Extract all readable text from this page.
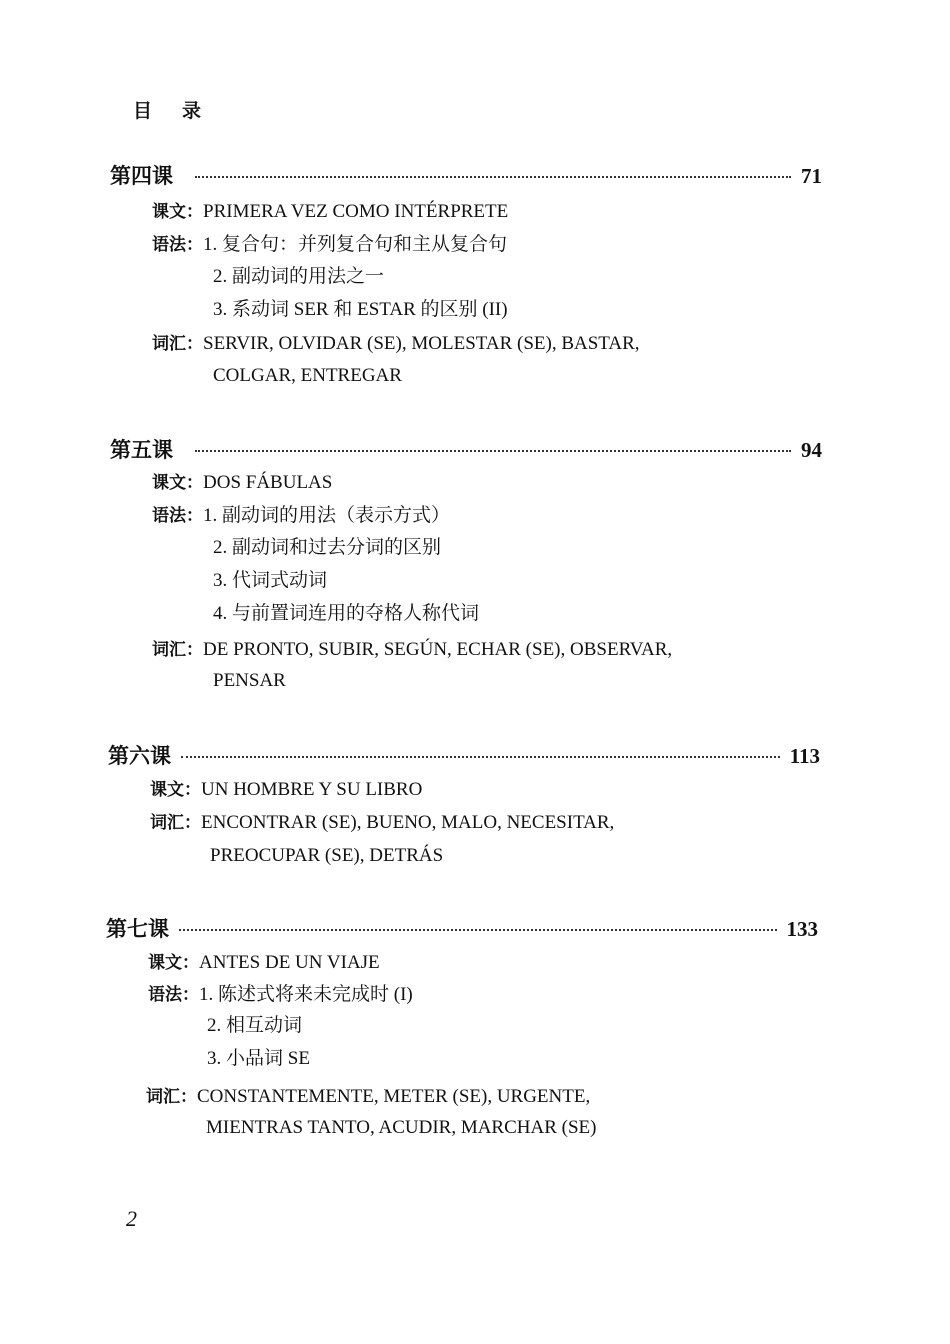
目录
第四课	71
课文：PRIMERA VEZ COMO INTÉRPRETE
语法：1. 复合句：并列复合句和主从复合句
2. 副动词的用法之一
3. 系动词 SER 和 ESTAR 的区别 (II)
词汇：SERVIR, OLVIDAR (SE), MOLESTAR (SE), BASTAR,
COLGAR, ENTREGAR
第五课	94
课文：DOS FÁBULAS
语法：1. 副动词的用法（表示方式）
2. 副动词和过去分词的区别
3. 代词式动词
4. 与前置词连用的夺格人称代词
词汇：DE PRONTO, SUBIR, SEGÚN, ECHAR (SE), OBSERVAR,
PENSAR
第六课	113
课文：UN HOMBRE Y SU LIBRO
词汇：ENCONTRAR (SE), BUENO, MALO, NECESITAR,
PREOCUPAR (SE), DETRÁS
第七课	133
课文：ANTES DE UN VIAJE
语法：1. 陈述式将来未完成时 (I)
2. 相互动词
3. 小品词 SE
词汇：CONSTANTEMENTE, METER (SE), URGENTE,
MIENTRAS TANTO, ACUDIR, MARCHAR (SE)
2
